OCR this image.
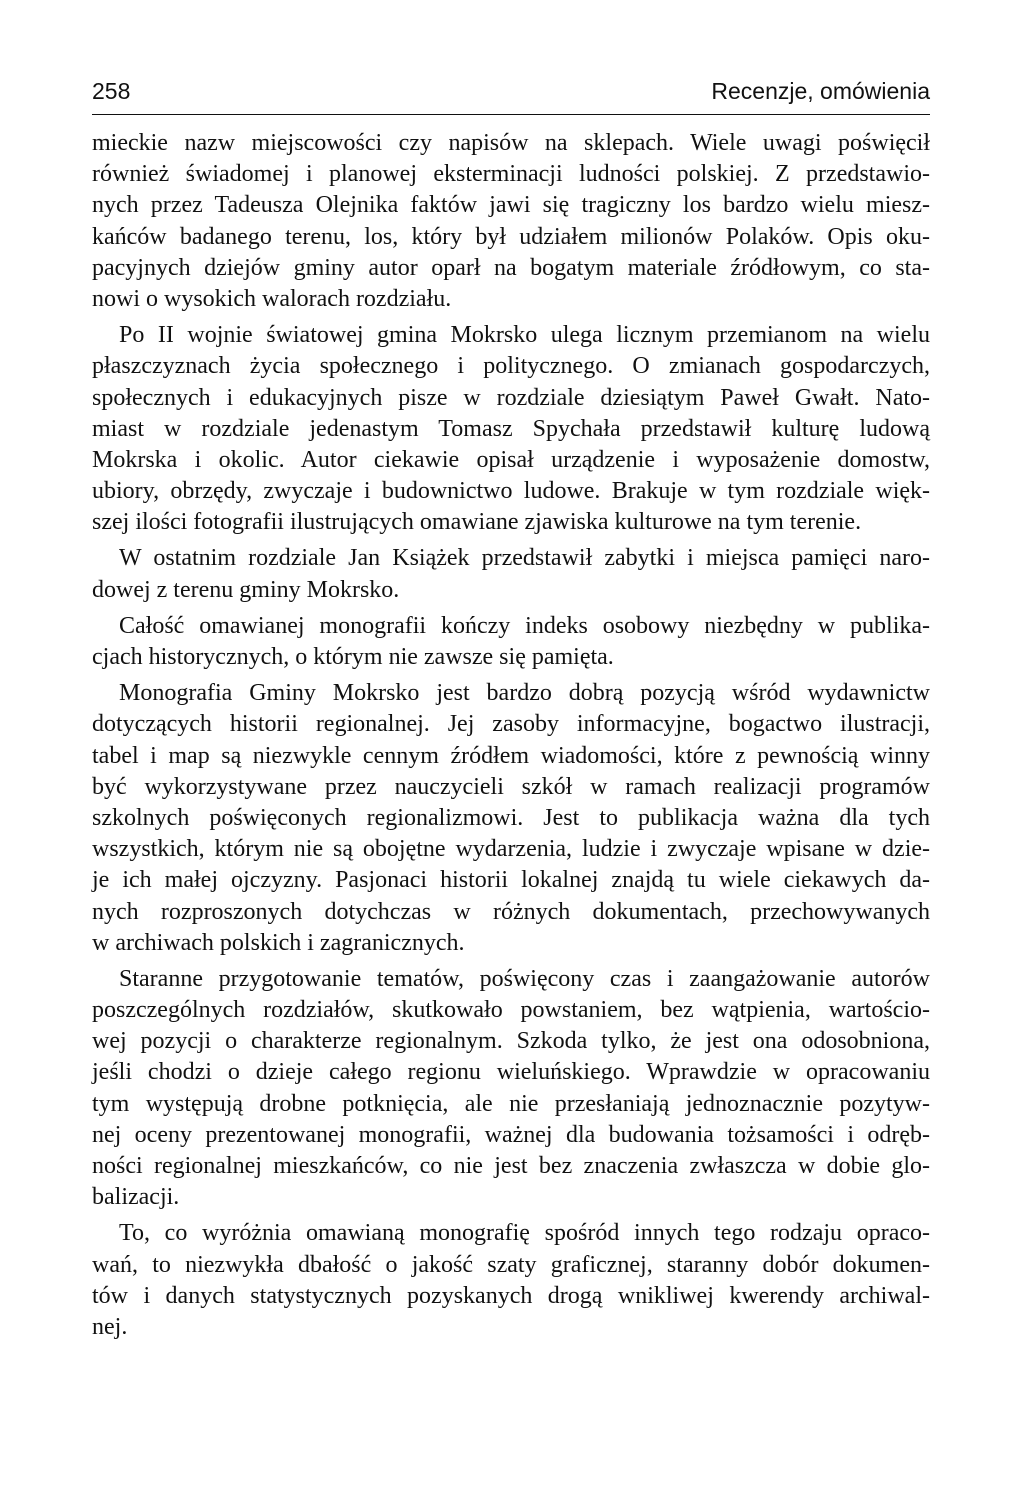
258	Recenzje, omówienia
mieckie nazw miejscowości czy napisów na sklepach. Wiele uwagi poświęcił
również świadomej i planowej eksterminacji ludności polskiej. Z przedstawio-
nych przez Tadeusza Olejnika faktów jawi się tragiczny los bardzo wielu miesz-
kańców badanego terenu, los, który był udziałem milionów Polaków. Opis oku-
pacyjnych dziejów gminy autor oparł na bogatym materiale źródłowym, co sta-
nowi o wysokich walorach rozdziału.
Po II wojnie światowej gmina Mokrsko ulega licznym przemianom na wielu
płaszczyznach życia społecznego i politycznego. O zmianach gospodarczych,
społecznych i edukacyjnych pisze w rozdziale dziesiątym Paweł Gwałt. Nato-
miast w rozdziale jedenastym Tomasz Spychała przedstawił kulturę ludową
Mokrska i okolic. Autor ciekawie opisał urządzenie i wyposażenie domostw,
ubiory, obrzędy, zwyczaje i budownictwo ludowe. Brakuje w tym rozdziale więk-
szej ilości fotografii ilustrujących omawiane zjawiska kulturowe na tym terenie.
W ostatnim rozdziale Jan Książek przedstawił zabytki i miejsca pamięci naro-
dowej z terenu gminy Mokrsko.
Całość omawianej monografii kończy indeks osobowy niezbędny w publika-
cjach historycznych, o którym nie zawsze się pamięta.
Monografia Gminy Mokrsko jest bardzo dobrą pozycją wśród wydawnictw
dotyczących historii regionalnej. Jej zasoby informacyjne, bogactwo ilustracji,
tabel i map są niezwykle cennym źródłem wiadomości, które z pewnością winny
być wykorzystywane przez nauczycieli szkół w ramach realizacji programów
szkolnych poświęconych regionalizmowi. Jest to publikacja ważna dla tych
wszystkich, którym nie są obojętne wydarzenia, ludzie i zwyczaje wpisane w dzie-
je ich małej ojczyzny. Pasjonaci historii lokalnej znajdą tu wiele ciekawych da-
nych rozproszonych dotychczas w różnych dokumentach, przechowywanych
w archiwach polskich i zagranicznych.
Staranne przygotowanie tematów, poświęcony czas i zaangażowanie autorów
poszczególnych rozdziałów, skutkowało powstaniem, bez wątpienia, wartościo-
wej pozycji o charakterze regionalnym. Szkoda tylko, że jest ona odosobniona,
jeśli chodzi o dzieje całego regionu wieluńskiego. Wprawdzie w opracowaniu
tym występują drobne potknięcia, ale nie przesłaniają jednoznacznie pozytyw-
nej oceny prezentowanej monografii, ważnej dla budowania tożsamości i odręb-
ności regionalnej mieszkańców, co nie jest bez znaczenia zwłaszcza w dobie glo-
balizacji.
To, co wyróżnia omawianą monografię spośród innych tego rodzaju opraco-
wań, to niezwykła dbałość o jakość szaty graficznej, staranny dobór dokumen-
tów i danych statystycznych pozyskanych drogą wnikliwej kwerendy archiwal-
nej.
